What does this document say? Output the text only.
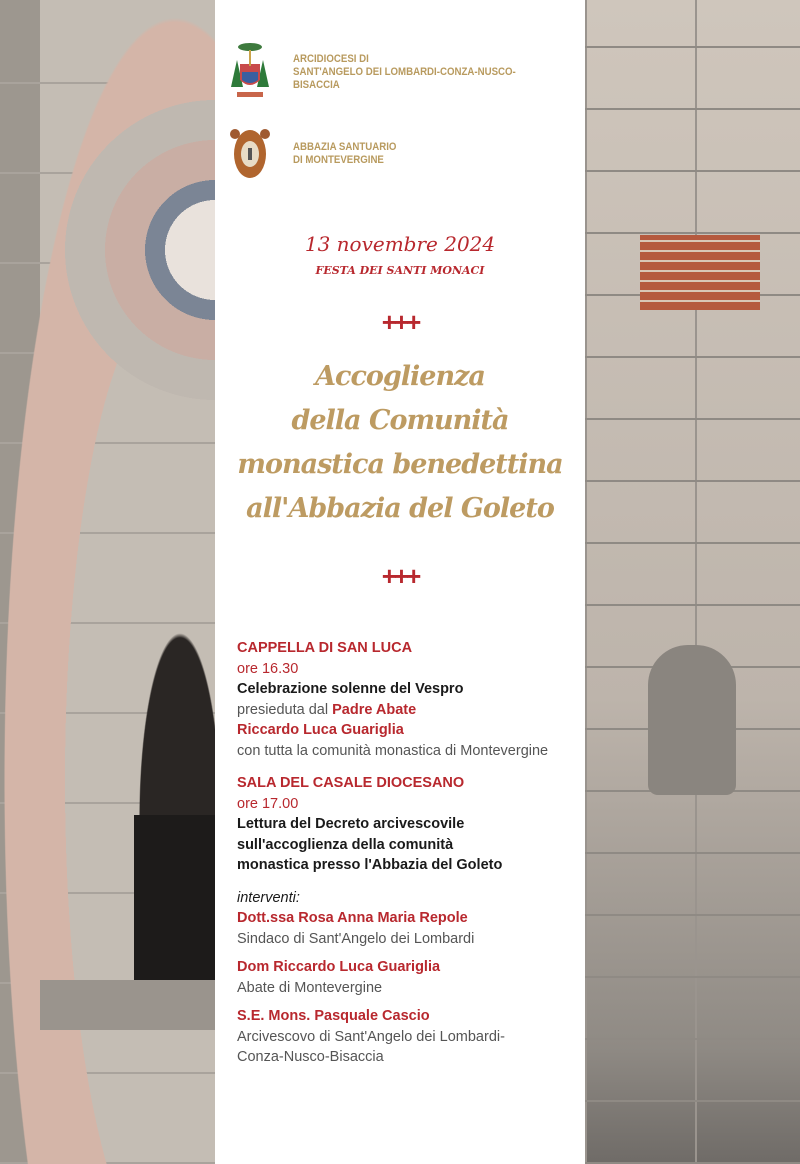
ARCIDIOCESI DI
SANT'ANGELO DEI LOMBARDI-CONZA-NUSCO-BISACCIA
ABBAZIA SANTUARIO
DI MONTEVERGINE
13 novembre 2024
FESTA DEI SANTI MONACI
+++
Accoglienza
della Comunità
monastica benedettina
all'Abbazia del Goleto
+++
CAPPELLA DI SAN LUCA
ore 16.30
Celebrazione solenne del Vespro
presieduta dal Padre Abate
Riccardo Luca Guariglia
con tutta la comunità monastica di Montevergine
SALA DEL CASALE DIOCESANO
ore 17.00
Lettura del Decreto arcivescovile
sull'accoglienza della comunità
monastica presso l'Abbazia del Goleto
interventi:
Dott.ssa Rosa Anna Maria Repole
Sindaco di Sant'Angelo dei Lombardi
Dom Riccardo Luca Guariglia
Abate di Montevergine
S.E. Mons. Pasquale Cascio
Arcivescovo di Sant'Angelo dei Lombardi-Conza-Nusco-Bisaccia
